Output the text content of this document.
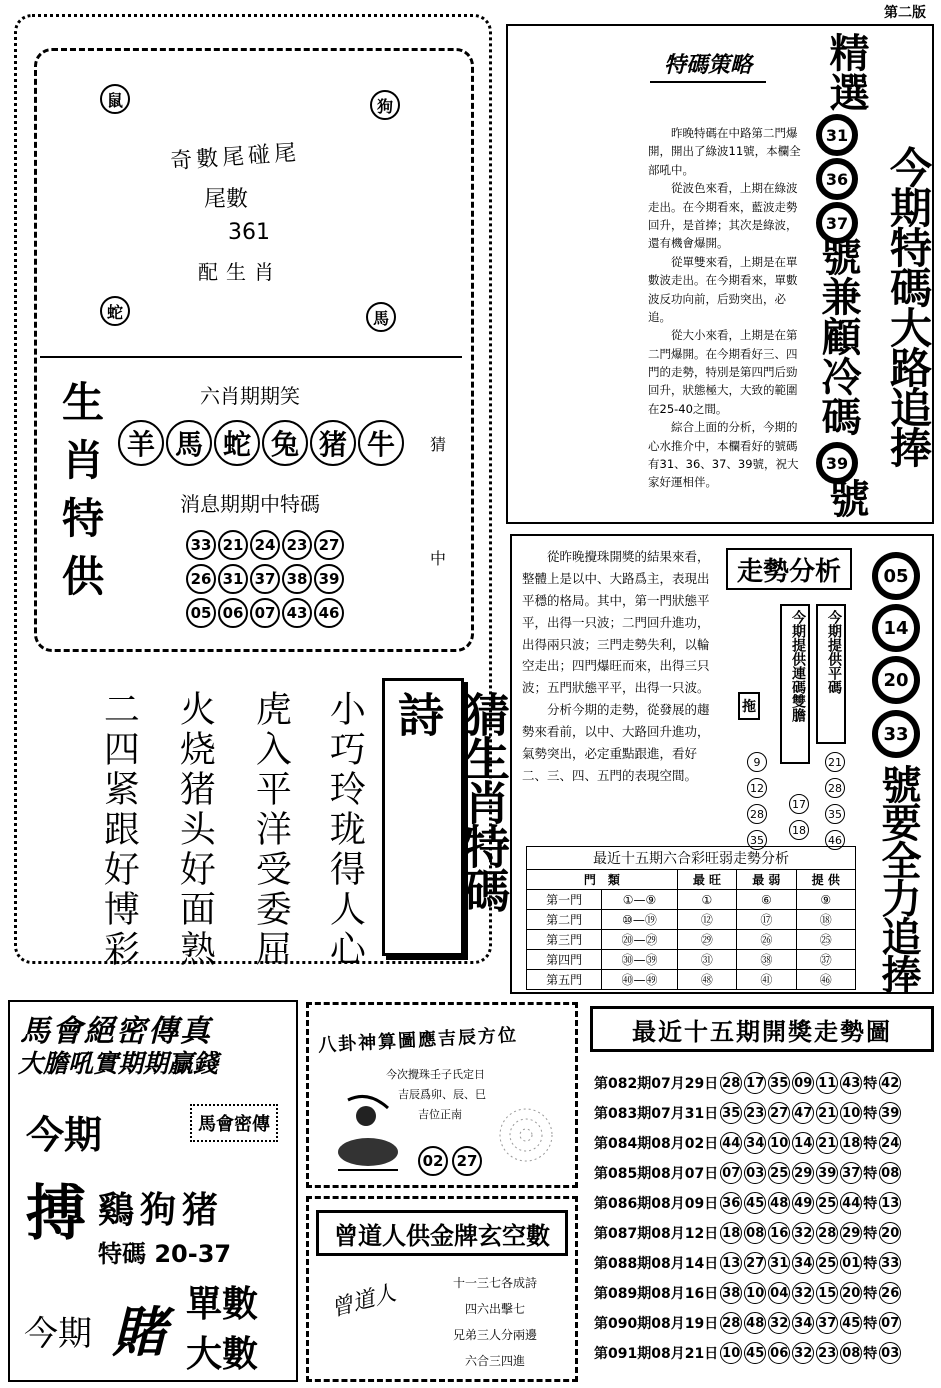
第二版
鼠	狗
蛇	馬
奇數尾碰尾
尾數
361
配生肖
生肖特供	六肖期期笑
羊 馬 蛇 兔 猪 牛	猜
中
消息期期中特碼
33 21 24 23 27
26 31 37 38 39
05 06 07 43 46
小巧玲珑得人心
虎入平洋受委屈
火烧猪头好面熟
二四紧跟好博彩	猜生肖特碼詩
特碼策略

昨晚特碼在中路第二門爆開，開出了綠波11號，本欄全部吼中。

從波色來看，上期在綠波走出。在今期看來，藍波走勢回升，是首捧；其次是綠波，還有機會爆開。

從單雙來看，上期是在單數波走出。在今期看來，單數波反功向前，后勁突出，必追。

從大小來看，上期是在第二門爆開。在今期看好三、四門的走勢，特別是第四門后勁回升，狀態極大，大致的範圍在25-40之間。

綜合上面的分析，今期的心水推介中，本欄看好的號碼有31、36、37、39號，祝大家好運相伴。

精選
31
36
37
號兼顧冷碼
39
號
今期特碼大路追捧

從昨晚攪珠開獎的結果來看，整體上是以中、大路爲主，表現出平穩的格局。其中，第一門狀態平平，出得一只波；二門回升進功，出得兩只波；三門走勢失利，以輪空走出；四門爆旺而來，出得三只波；五門狀態平平，出得一只波。

分析今期的走勢，從發展的趨勢來看前，以中、大路回升進功，氣勢突出，必定重點跟進，看好二、三、四、五門的表現空間。

走勢分析
拖	今期提供連碼雙膽	今期提供平碼
9
12
28
35
17
18
21
28
35
46
05
14
20
33
號要全力追捧
最近十五期六合彩旺弱走勢分析				
門　類		最 旺	最 弱	提 供
第一門	①—⑨	①	⑥	⑨
第二門	⑩—⑲	⑫	⑰	⑱
第三門	⑳—㉙	㉙	㉖	㉕
第四門	㉚—㊴	㉛	㊳	㊲
第五門	㊵—㊾	㊽	㊶	㊻
馬會絕密傳真
大膽吼實期期贏錢
今期	馬會密傳
搏 鷄狗猪
特碼 20-37
今期 賭 單數
大數
八卦神算圖應吉辰方位
今次攪珠壬子氏定日
吉辰爲卯、辰、巳
吉位正南
02 27
曾道人供金牌玄空數
曾道人	十一三七各成詩
四六出擊七
兄弟三人分兩邊
六合三四進
最近十五期開獎走勢圖
第082期07月29日 28 17 35 09 11 43 特 42
第083期07月31日 35 23 27 47 21 10 特 39
第084期08月02日 44 34 10 14 21 18 特 24
第085期08月07日 07 03 25 29 39 37 特 08
第086期08月09日 36 45 48 49 25 44 特 13
第087期08月12日 18 08 16 32 28 29 特 20
第088期08月14日 13 27 31 34 25 01 特 33
第089期08月16日 38 10 04 32 15 20 特 26
第090期08月19日 28 48 32 34 37 45 特 07
第091期08月21日 10 45 06 32 23 08 特 03
